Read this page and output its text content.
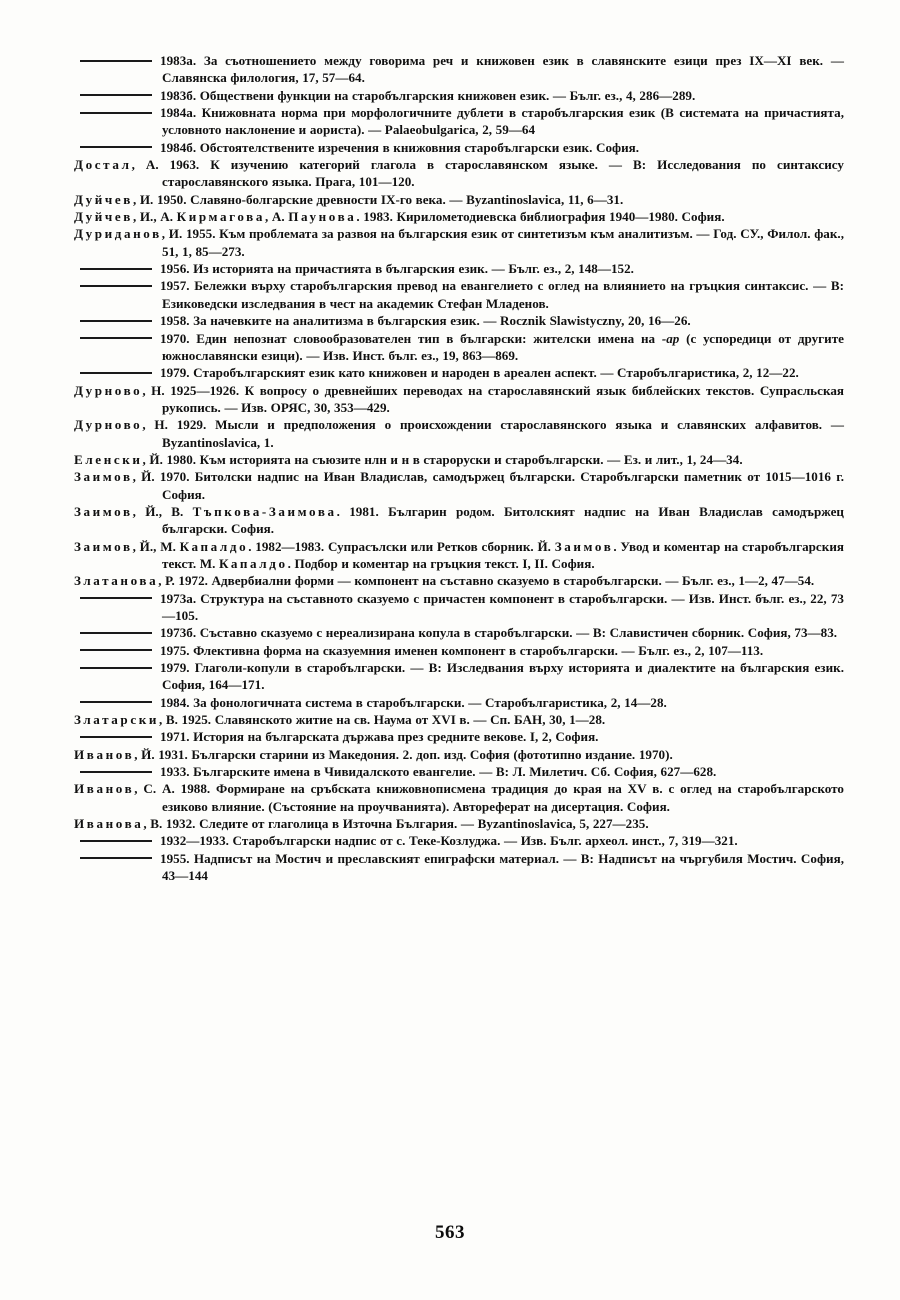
1983а. За съотношението между говорима реч и книжовен език в славянските езици през IX—XI век. — Славянска филология, 17, 57—64.

1983б. Обществени функции на старобългарския книжовен език. — Бълг. ез., 4, 286—289.

1984а. Книжовната норма при морфологичните дублети в старобългарския език (В системата на причастията, условното наклонение и аориста). — Palaeobulgarica, 2, 59—64

1984б. Обстоятелствените изречения в книжовния старобългарски език. София.

Достал, А. 1963. К изучению категорий глагола в старославянском языке. — В: Исследования по синтаксису старославянского языка. Прага, 101—120.

Дуйчев, И. 1950. Славяно-болгарские древности IX-го века. — Byzantinoslavica, 11, 6—31.

Дуйчев, И., А. Кирмагова, А. Паунова. 1983. Кирилометодиевска библиография 1940—1980. София.

Дуриданов, И. 1955. Към проблемата за развоя на българския език от синтетизъм към аналитизъм. — Год. СУ., Филол. фак., 51, 1, 85—273.

1956. Из историята на причастията в българския език. — Бълг. ез., 2, 148—152.

1957. Бележки върху старобългарския превод на евангелието с оглед на влиянието на гръцкия синтаксис. — В: Езиковедски изследвания в чест на академик Стефан Младенов.

1958. За начевките на аналитизма в българския език. — Rocznik Slawistyczny, 20, 16—26.

1970. Един непознат словообразователен тип в български: жителски имена на -ар (с успоредици от другите южнославянски езици). — Изв. Инст. бълг. ез., 19, 863—869.

1979. Старобългарският език като книжовен и народен в ареален аспект. — Старобългаристика, 2, 12—22.

Дурново, Н. 1925—1926. К вопросу о древнейших переводах на старославянский язык библейских текстов. Супрасльская рукопись. — Изв. ОРЯС, 30, 353—429.

Дурново, Н. 1929. Мысли и предположения о происхождении старославянского языка и славянских алфавитов. — Byzantinoslavica, 1.

Еленски, Й. 1980. Към историята на съюзите нлн и н в староруски и старобългарски. — Ез. и лит., 1, 24—34.

Заимов, Й. 1970. Битолски надпис на Иван Владислав, самодържец български. Старобългарски паметник от 1015—1016 г. София.

Заимов, Й., В. Тъпкова-Заимова. 1981. Българин родом. Битолският надпис на Иван Владислав самодържец български. София.

Заимов, Й., М. Капалдо. 1982—1983. Супрасълски или Ретков сборник. Й. Заимов. Увод и коментар на старобългарския текст. М. Капалдо. Подбор и коментар на гръцкия текст. I, II. София.

Златанова, Р. 1972. Адвербиални форми — компонент на съставно сказуемо в старобългарски. — Бълг. ез., 1—2, 47—54.

1973а. Структура на съставното сказуемо с причастен компонент в старобългарски. — Изв. Инст. бълг. ез., 22, 73—105.

1973б. Съставно сказуемо с нереализирана копула в старобългарски. — В: Славистичен сборник. София, 73—83.

1975. Флективна форма на сказуемния именен компонент в старобългарски. — Бълг. ез., 2, 107—113.

1979. Глаголи-копули в старобългарски. — В: Изследвания върху историята и диалектите на българския език. София, 164—171.

1984. За фонологичната система в старобългарски. — Старобългаристика, 2, 14—28.

Златарски, В. 1925. Славянското житие на св. Наума от XVI в. — Сп. БАН, 30, 1—28.

1971. История на българската държава през средните векове. I, 2, София.

Иванов, Й. 1931. Български старини из Македония. 2. доп. изд. София (фототипно издание. 1970).

1933. Българските имена в Чивидалското евангелие. — В: Л. Милетич. Сб. София, 627—628.

Иванов, С. А. 1988. Формиране на сръбската книжовнописмена традиция до края на XV в. с оглед на старобългарското езиково влияние. (Състояние на проучванията). Автореферат на дисертация. София.

Иванова, В. 1932. Следите от глаголица в Източна България. — Byzantinoslavica, 5, 227—235.

1932—1933. Старобългарски надпис от с. Теке-Козлуджа. — Изв. Бълг. археол. инст., 7, 319—321.

1955. Надписът на Мостич и преславският епиграфски материал. — В: Надписът на чъргубиля Мостич. София, 43—144

563
